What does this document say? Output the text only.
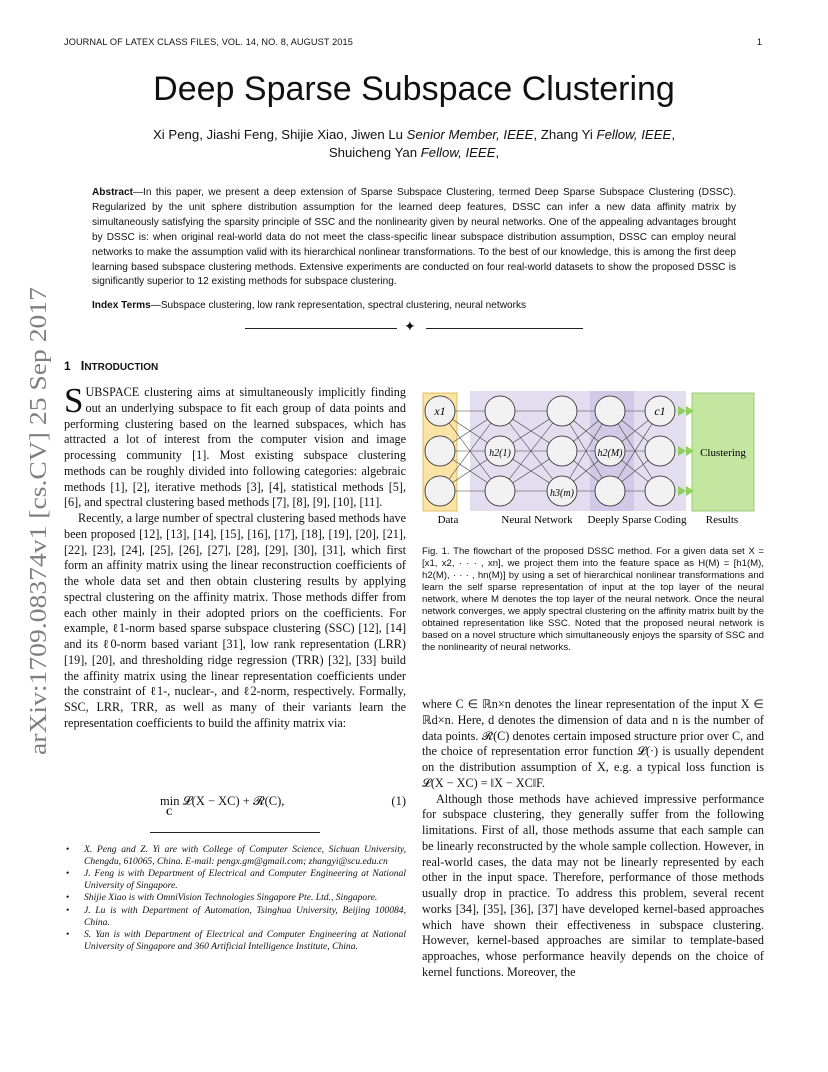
JOURNAL OF LATEX CLASS FILES, VOL. 14, NO. 8, AUGUST 2015	1
Deep Sparse Subspace Clustering
Xi Peng, Jiashi Feng, Shijie Xiao, Jiwen Lu Senior Member, IEEE, Zhang Yi Fellow, IEEE,
Shuicheng Yan Fellow, IEEE,
Abstract—In this paper, we present a deep extension of Sparse Subspace Clustering, termed Deep Sparse Subspace Clustering (DSSC). Regularized by the unit sphere distribution assumption for the learned deep features, DSSC can infer a new data affinity matrix by simultaneously satisfying the sparsity principle of SSC and the nonlinearity given by neural networks. One of the appealing advantages brought by DSSC is: when original real-world data do not meet the class-specific linear subspace distribution assumption, DSSC can employ neural networks to make the assumption valid with its hierarchical nonlinear transformations. To the best of our knowledge, this is among the first deep learning based subspace clustering methods. Extensive experiments are conducted on four real-world datasets to show the proposed DSSC is significantly superior to 12 existing methods for subspace clustering.
Index Terms—Subspace clustering, low rank representation, spectral clustering, neural networks
✦
1 INTRODUCTION

SUBSPACE clustering aims at simultaneously implicitly finding out an underlying subspace to fit each group of data points and performing clustering based on the learned subspaces, which has attracted a lot of interest from the computer vision and image processing community [1]. Most existing subspace clustering methods can be roughly divided into following categories: algebraic methods [1], [2], iterative methods [3], [4], statistical methods [5], [6], and spectral clustering based methods [7], [8], [9], [10], [11].

Recently, a large number of spectral clustering based methods have been proposed [12], [13], [14], [15], [16], [17], [18], [19], [20], [21], [22], [23], [24], [25], [26], [27], [28], [29], [30], [31], which first form an affinity matrix using the linear reconstruction coefficients of the whole data set and then obtain clustering results by applying spectral clustering on the affinity matrix. Those methods differ from each other mainly in their adopted priors on the coefficients. For example, ℓ1-norm based sparse subspace clustering (SSC) [12], [14] and its ℓ0-norm based variant [31], low rank representation (LRR) [19], [20], and thresholding ridge regression (TRR) [32], [33] build the affinity matrix using the linear representation coefficients under the constraint of ℓ1-, nuclear-, and ℓ2-norm, respectively. Formally, SSC, LRR, TRR, as well as many of their variants learn the representation coefficients to build the affinity matrix via:

min 𝓛(X − XC) + 𝓡(C),
C
(1)
• X. Peng and Z. Yi are with College of Computer Science, Sichuan University, Chengdu, 610065, China. E-mail: pengx.gm@gmail.com; zhangyi@scu.edu.cn
• J. Feng is with Department of Electrical and Computer Engineering at National University of Singapore.
• Shijie Xiao is with OmniVision Technologies Singapore Pte. Ltd., Singapore.
• J. Lu is with Department of Automation, Tsinghua University, Beijing 100084, China.
• S. Yan is with Department of Electrical and Computer Engineering at National University of Singapore and 360 Artificial Intelligence Institute, China.
x1	c1
h2(1)
h3(m)
h2(M)	Clustering
Data	Neural Network Deeply Sparse Coding Results
Fig. 1. The flowchart of the proposed DSSC method. For a given data set X = [x1, x2, · · · , xn], we project them into the feature space as H(M) = [h1(M), h2(M), · · · , hn(M)] by using a set of hierarchical nonlinear transformations and learn the self sparse representation of input at the top layer of the neural network, where M denotes the top layer of the neural network. Once the neural network converges, we apply spectral clustering on the affinity matrix built by the obtained representation like SSC. Noted that the proposed neural network is based on a novel structure which simultaneously enjoys the sparsity of SSC and the nonlinearity of neural networks.

where C ∈ ℝn×n denotes the linear representation of the input X ∈ ℝd×n. Here, d denotes the dimension of data and n is the number of data points. 𝓡(C) denotes certain imposed structure prior over C, and the choice of representation error function 𝓛(·) is usually dependent on the distribution assumption of X, e.g. a typical loss function is 𝓛(X − XC) = ‖X − XC‖F.

Although those methods have achieved impressive performance for subspace clustering, they generally suffer from the following limitations. First of all, those methods assume that each sample can be linearly reconstructed by the whole sample collection. However, in real-world cases, the data may not be linearly represented by each other in the input space. Therefore, performance of those methods usually drop in practice. To address this problem, several recent works [34], [35], [36], [37] have developed kernel-based approaches which have shown their effectiveness in subspace clustering. However, kernel-based approaches are similar to template-based approaches, whose performance heavily depends on the choice of kernel functions. Moreover, the

arXiv:1709.08374v1 [cs.CV] 25 Sep 2017
